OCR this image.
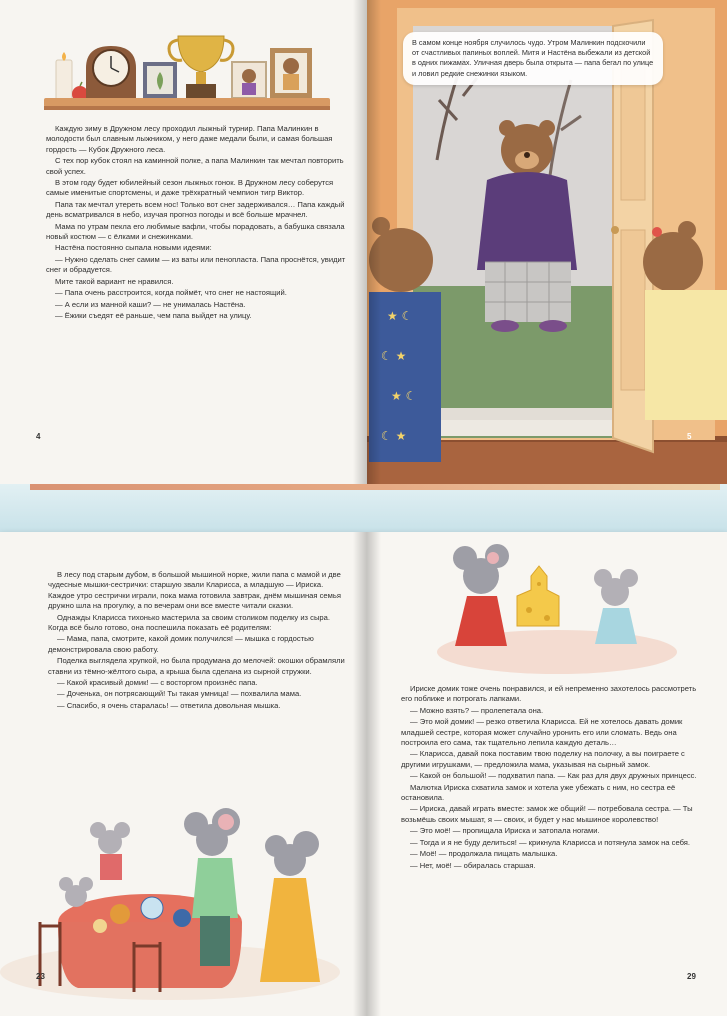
Каждую зиму в Дружном лесу проходил лыжный турнир. Папа Малинкин в молодости был славным лыжником, у него даже медали были, и самая большая гордость — Кубок Дружного леса.

С тех пор кубок стоял на каминной полке, а папа Малинкин так мечтал повторить свой успех.

В этом году будет юбилейный сезон лыжных гонок. В Дружном лесу соберутся самые именитые спортсмены, и даже трёхкратный чемпион тигр Виктор.

Папа так мечтал утереть всем нос! Только вот снег задерживался… Папа каждый день всматривался в небо, изучая прогноз погоды и всё больше мрачнел.

Мама по утрам пекла его любимые вафли, чтобы порадовать, а бабушка связала новый костюм — с ёлками и снежинками.

Настёна постоянно сыпала новыми идеями:

— Нужно сделать снег самим — из ваты или пенопласта. Папа проснётся, увидит снег и обрадуется.

Мите такой вариант не нравился.

— Папа очень расстроится, когда поймёт, что снег не настоящий.

— А если из манной каши? — не унималась Настёна.

— Ёжики съедят её раньше, чем папа выйдет на улицу.

4
★ ☾
☾ ★
★ ☾
☾ ★
В самом конце ноября случилось чудо. Утром Малинкин подскочили от счастливых папиных воплей. Митя и Настёна выбежали из детской в одних пижамах. Уличная дверь была открыта — папа бегал по улице и ловил редкие снежинки языком.
5

В лесу под старым дубом, в большой мышиной норке, жили папа с мамой и две чудесные мышки-сестрички: старшую звали Кларисса, а младшую — Ириска. Каждое утро сестрички играли, пока мама готовила завтрак, днём мышиная семья дружно шла на прогулку, а по вечерам они все вместе читали сказки.

Однажды Кларисса тихонько мастерила за своим столиком поделку из сыра. Когда всё было готово, она поспешила показать её родителям:

— Мама, папа, смотрите, какой домик получился! — мышка с гордостью демонстрировала свою работу.

Поделка выглядела хрупкой, но была продумана до мелочей: окошки обрамляли ставни из тёмно-жёлтого сыра, а крыша была сделана из сырной стружки.

— Какой красивый домик! — с восторгом произнёс папа.

— Доченька, он потрясающий! Ты такая умница! — похвалила мама.

— Спасибо, я очень старалась! — ответила довольная мышка.

23

Ириске домик тоже очень понравился, и ей непременно захотелось рассмотреть его поближе и потрогать лапками.

— Можно взять? — пролепетала она.

— Это мой домик! — резко ответила Кларисса. Ей не хотелось давать домик младшей сестре, которая может случайно уронить его или сломать. Ведь она построила его сама, так тщательно лепила каждую деталь…

— Кларисса, давай пока поставим твою поделку на полочку, а вы поиграете с другими игрушками, — предложила мама, указывая на сырный замок.

— Какой он большой! — подхватил папа. — Как раз для двух дружных принцесс.

Малютка Ириска схватила замок и хотела уже убежать с ним, но сестра её остановила.

— Ириска, давай играть вместе: замок же общий! — потребовала сестра. — Ты возьмёшь своих мышат, я — своих, и будет у нас мышиное королевство!

— Это моё! — пропищала Ириска и затопала ногами.

— Тогда и я не буду делиться! — крикнула Кларисса и потянула замок на себя.

— Моё! — продолжала пищать малышка.

— Нет, моё! — обиралась старшая.

29
